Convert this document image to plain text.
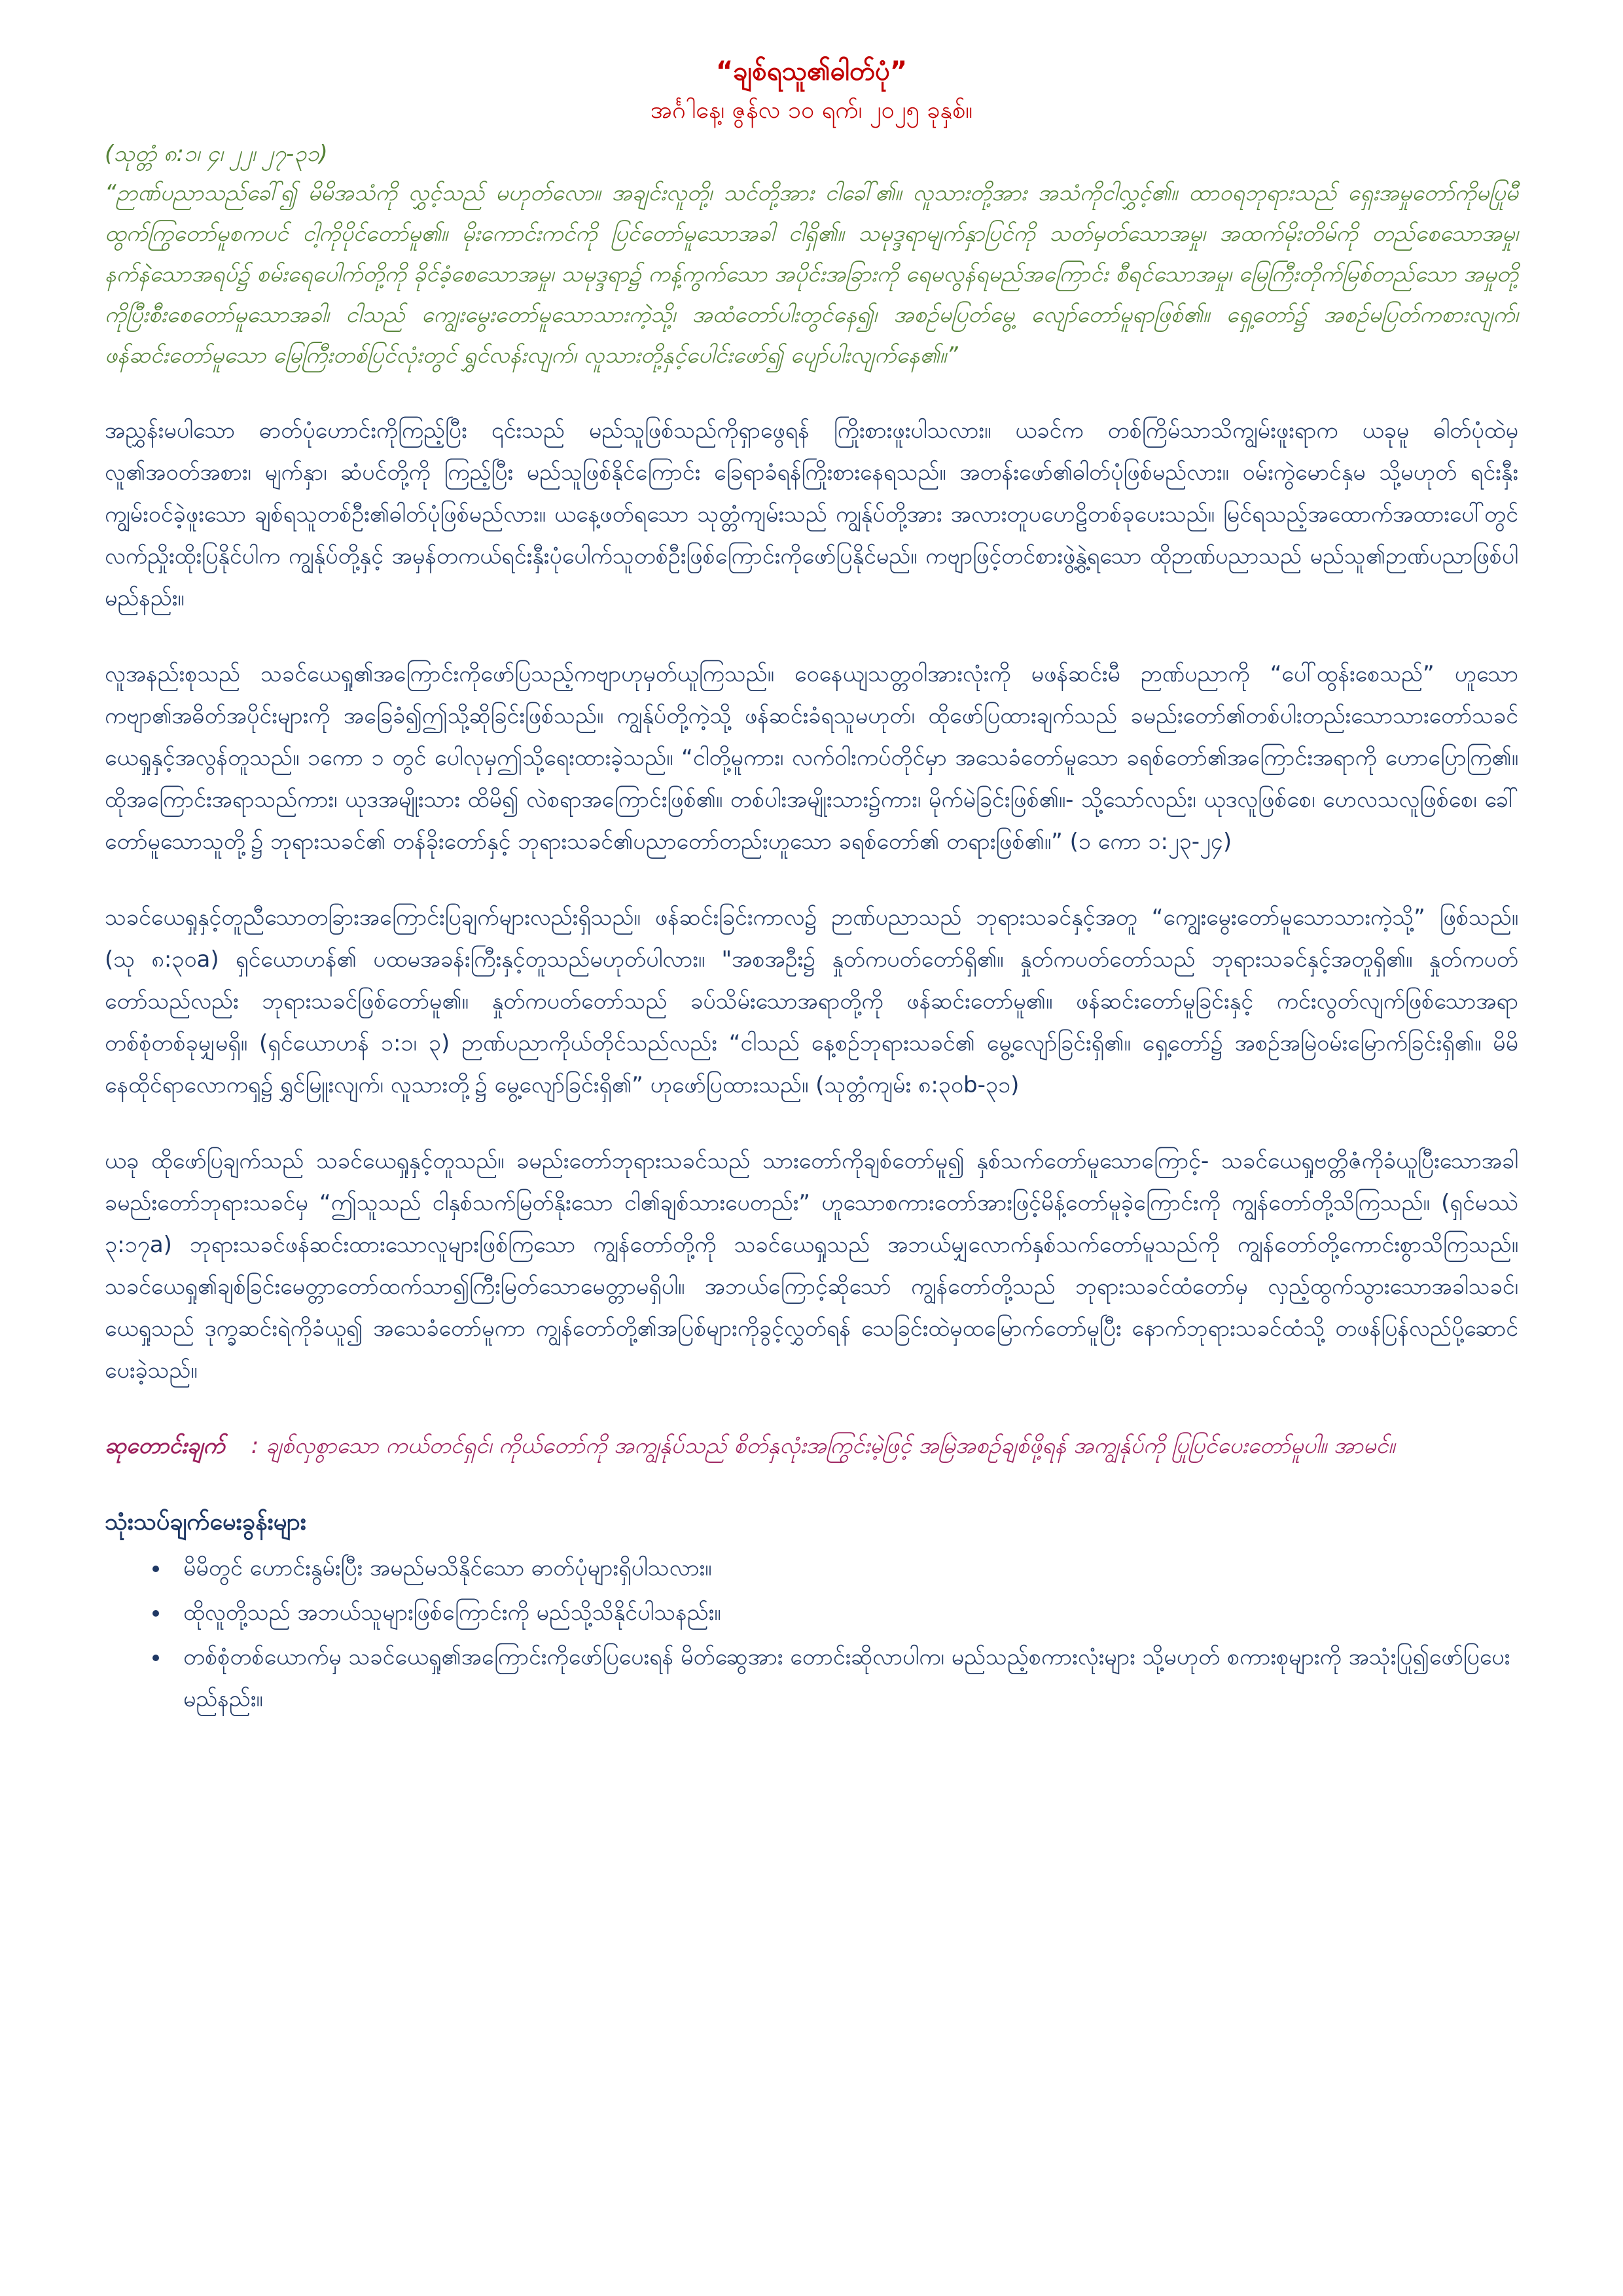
“ချစ်ရသူ၏ဓါတ်ပုံ”

အင်္ဂါနေ့၊ ဇွန်လ ၁၀ ရက်၊ ၂၀၂၅ ခုနှစ်။

(သုတ္တံ ၈:၁၊ ၄၊ ၂၂၊ ၂၇-၃၁)

“ဉာဏ်ပညာသည်ခေါ်၍ မိမိအသံကို လွှင့်သည် မဟုတ်လော။ အချင်းလူတို့၊ သင်တို့အား ငါခေါ်၏။ လူသားတို့အား အသံကိုငါလွှင့်၏။ ထာဝရဘုရားသည် ရှေးအမှုတော်ကိုမပြုမီ ထွက်ကြွတော်မူစကပင် ငါ့ကိုပိုင်တော်မူ၏။ မိုးကောင်းကင်ကို ပြင်တော်မူသောအခါ ငါရှိ၏။ သမုဒ္ဒရာမျက်နှာပြင်ကို သတ်မှတ်သောအမှု၊ အထက်မိုးတိမ်ကို တည်စေသောအမှု၊ နက်နဲသောအရပ်၌ စမ်းရေပေါက်တို့ကို ခိုင်ခံ့စေသောအမှု၊ သမုဒ္ဒရာ၌ ကန့်ကွက်သော အပိုင်းအခြားကို ရေမလွန်ရမည်အကြောင်း စီရင်သောအမှု၊ မြေကြီးတိုက်မြစ်တည်သော အမှုတို့ကိုပြီးစီးစေတော်မူသောအခါ၊ ငါသည် ကျွေးမွေးတော်မူသောသားကဲ့သို့၊ အထံတော်ပါးတွင်နေ၍၊ အစဉ်မပြတ်မွေ့ လျော်တော်မူရာဖြစ်၏။ ရှေ့တော်၌ အစဉ်မပြတ်ကစားလျက်၊ ဖန်ဆင်းတော်မူသော မြေကြီးတစ်ပြင်လုံးတွင် ရွှင်လန်းလျက်၊ လူသားတို့နှင့်ပေါင်းဖော်၍ ပျော်ပါးလျက်နေ၏။”

အညွှန်းမပါသော ဓာတ်ပုံဟောင်းကိုကြည့်ပြီး ၎င်းသည် မည်သူဖြစ်သည်ကိုရှာဖွေရန် ကြိုးစားဖူးပါသလား။ ယခင်က တစ်ကြိမ်သာသိကျွမ်းဖူးရာက ယခုမူ ဓါတ်ပုံထဲမှ လူ၏အဝတ်အစား၊ မျက်နှာ၊ ဆံပင်တို့ကို ကြည့်ပြီး မည်သူဖြစ်နိုင်ကြောင်း ခြေရာခံရန်ကြိုးစားနေရသည်။ အတန်းဖော်၏ဓါတ်ပုံဖြစ်မည်လား။ ဝမ်းကွဲမောင်နှမ သို့မဟုတ် ရင်းနှီးကျွမ်းဝင်ခဲ့ဖူးသော ချစ်ရသူတစ်ဦး၏ဓါတ်ပုံဖြစ်မည်လား။ ယနေ့ဖတ်ရသော သုတ္တံကျမ်းသည် ကျွန်ုပ်တို့အား အလားတူပဟေဠိတစ်ခုပေးသည်။ မြင်ရသည့်အထောက်အထားပေါ်တွင် လက်ညှိုးထိုးပြနိုင်ပါက ကျွန်ုပ်တို့နှင့် အမှန်တကယ်ရင်းနှီးပုံပေါက်သူတစ်ဦးဖြစ်ကြောင်းကိုဖော်ပြနိုင်မည်။ ကဗျာဖြင့်တင်စားဖွဲ့နွဲ့ရသော ထိုဉာဏ်ပညာသည် မည်သူ၏ဉာဏ်ပညာဖြစ်ပါမည်နည်း။

လူအနည်းစုသည် သခင်ယေရှု၏အကြောင်းကိုဖော်ပြသည့်ကဗျာဟုမှတ်ယူကြသည်။ ဝေနေယျသတ္တဝါအားလုံးကို မဖန်ဆင်းမီ ဉာဏ်ပညာကို “ပေါ်ထွန်းစေသည်” ဟူသော ကဗျာ၏အဓိတ်အပိုင်းများကို အခြေခံ၍ဤသို့ဆိုခြင်းဖြစ်သည်။ ကျွန်ုပ်တို့ကဲ့သို့ ဖန်ဆင်းခံရသူမဟုတ်၊ ထိုဖော်ပြထားချက်သည် ခမည်းတော်၏တစ်ပါးတည်းသောသားတော်သခင်ယေရှုနှင့်အလွန်တူသည်။ ၁ကော ၁ တွင် ပေါလုမှဤသို့ရေးထားခဲ့သည်။ “ငါတို့မူကား၊ လက်ဝါးကပ်တိုင်မှာ အသေခံတော်မူသော ခရစ်တော်၏အကြောင်းအရာကို ဟောပြောကြ၏။ ထိုအကြောင်းအရာသည်ကား၊ ယုဒအမျိုးသား ထိမိ၍ လဲစရာအကြောင်းဖြစ်၏။ တစ်ပါးအမျိုးသား၌ကား၊ မိုက်မဲခြင်းဖြစ်၏။- သို့သော်လည်း၊ ယုဒလူဖြစ်စေ၊ ဟေလသလူဖြစ်စေ၊ ခေါ်တော်မူသောသူတို့၌ ဘုရားသခင်၏ တန်ခိုးတော်နှင့် ဘုရားသခင်၏ပညာတော်တည်းဟူသော ခရစ်တော်၏ တရားဖြစ်၏။” (၁ ကော ၁:၂၃-၂၄)

သခင်ယေရှုနှင့်တူညီသောတခြားအကြောင်းပြချက်များလည်းရှိသည်။ ဖန်ဆင်းခြင်းကာလ၌ ဉာဏ်ပညာသည် ဘုရားသခင်နှင့်အတူ “ကျွေးမွေးတော်မူသောသားကဲ့သို့” ဖြစ်သည်။ (သု ၈:၃၀a) ရှင်ယောဟန်၏ ပထမအခန်းကြီးနှင့်တူသည်မဟုတ်ပါလား။ "အစအဦး၌ နှုတ်ကပတ်တော်ရှိ၏။ နှုတ်ကပတ်တော်သည် ဘုရားသခင်နှင့်အတူရှိ၏။ နှုတ်ကပတ်တော်သည်လည်း ဘုရားသခင်ဖြစ်တော်မူ၏။ နှုတ်ကပတ်တော်သည် ခပ်သိမ်းသောအရာတို့ကို ဖန်ဆင်းတော်မူ၏။ ဖန်ဆင်းတော်မူခြင်းနှင့် ကင်းလွတ်လျက်ဖြစ်သောအရာ တစ်စုံတစ်ခုမျှမရှိ။ (ရှင်ယောဟန် ၁:၁၊ ၃) ဉာဏ်ပညာကိုယ်တိုင်သည်လည်း “ငါသည် နေ့စဉ်ဘုရားသခင်၏ မွေ့လျော်ခြင်းရှိ၏။ ရှေ့တော်၌ အစဉ်အမြဲဝမ်းမြောက်ခြင်းရှိ၏။ မိမိနေထိုင်ရာလောကၡ၌ ရွှင်မြူးလျက်၊ လူသားတို့၌ မွေ့လျော်ခြင်းရှိ၏” ဟုဖော်ပြထားသည်။ (သုတ္တံကျမ်း ၈:၃၀b-၃၁)

ယခု ထိုဖော်ပြချက်သည် သခင်ယေရှုနှင့်တူသည်။ ခမည်းတော်ဘုရားသခင်သည် သားတော်ကိုချစ်တော်မူ၍ နှစ်သက်တော်မူသောကြောင့်- သခင်ယေရှုဗတ္တိဇံကိုခံယူပြီးသောအခါ ခမည်းတော်ဘုရားသခင်မှ “ဤသူသည် ငါနှစ်သက်မြတ်နိုးသော ငါ၏ချစ်သားပေတည်း” ဟူသောစကားတော်အားဖြင့်မိန့်တော်မူခဲ့ကြောင်းကို ကျွန်တော်တို့သိကြသည်။ (ရှင်မဿဲ ၃:၁၇a) ဘုရားသခင်ဖန်ဆင်းထားသောလူများဖြစ်ကြသော ကျွန်တော်တို့ကို သခင်ယေရှုသည် အဘယ်မျှလောက်နှစ်သက်တော်မူသည်ကို ကျွန်တော်တို့ကောင်းစွာသိကြသည်။ သခင်ယေရှု၏ချစ်ခြင်းမေတ္တာတော်ထက်သာ၍ကြီးမြတ်သောမေတ္တာမရှိပါ။ အဘယ်ကြောင့်ဆိုသော် ကျွန်တော်တို့သည် ဘုရားသခင်ထံတော်မှ လှည့်ထွက်သွားသောအခါသခင်၊ ယေရှုသည် ဒုက္ခဆင်းရဲကိုခံယူ၍ အသေခံတော်မူကာ ကျွန်တော်တို့၏အပြစ်များကိုခွင့်လွှတ်ရန် သေခြင်းထဲမှထမြောက်တော်မူပြီး နောက်ဘုရားသခင်ထံသို့ တဖန်ပြန်လည်ပို့ဆောင်ပေးခဲ့သည်။

ဆုတောင်းချက် : ချစ်လှစွာသော ကယ်တင်ရှင်၊ ကိုယ်တော်ကို အကျွန်ုပ်သည် စိတ်နှလုံးအကြွင်းမဲ့ဖြင့် အမြဲအစဉ်ချစ်ဖို့ရန် အကျွန်ုပ်ကို ပြုပြင်ပေးတော်မူပါ။ အာမင်။

သုံးသပ်ချက်မေးခွန်းများ

• မိမိတွင် ဟောင်းနွမ်းပြီး အမည်မသိနိုင်သော ဓာတ်ပုံများရှိပါသလား။
• ထိုလူတို့သည် အဘယ်သူများဖြစ်ကြောင်းကို မည်သို့သိနိုင်ပါသနည်း။
• တစ်စုံတစ်ယောက်မှ သခင်ယေရှု၏အကြောင်းကိုဖော်ပြပေးရန် မိတ်ဆွေအား တောင်းဆိုလာပါက၊ မည်သည့်စကားလုံးများ သို့မဟုတ် စကားစုများကို အသုံးပြု၍ဖော်ပြပေးမည်နည်း။
